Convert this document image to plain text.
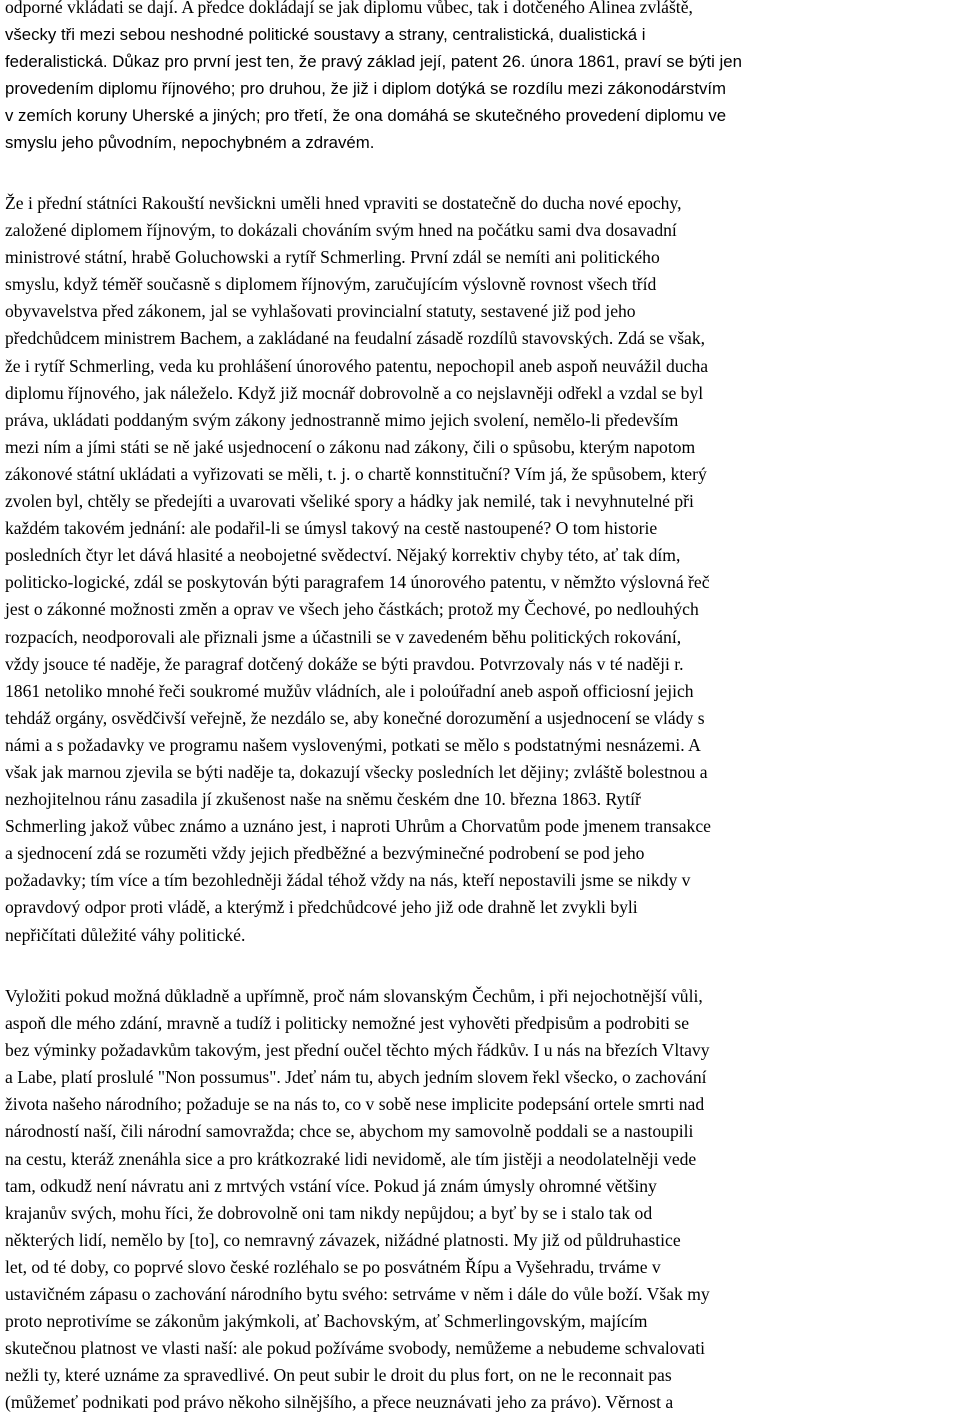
odporné vkládati se dají. A předce dokládají se jak diplomu vůbec, tak i dotčeného Alinea zvláště,
všecky tři mezi sebou neshodné politické soustavy a strany, centralistická, dualistická i
federalistická. Důkaz pro první jest ten, že pravý základ její, patent 26. února 1861, praví se býti jen
provedením diplomu říjnového; pro druhou, že již i diplom dotýká se rozdílu mezi zákonodárstvím
v zemích koruny Uherské a jiných; pro třetí, že ona domáhá se skutečného provedení diplomu ve
smyslu jeho původním, nepochybném a zdravém.
Že i přední státníci Rakouští nevšickni uměli hned vpraviti se dostatečně do ducha nové epochy,
založené diplomem říjnovým, to dokázali chováním svým hned na počátku sami dva dosavadní
ministrové státní, hrabě Goluchowski a rytíř Schmerling. První zdál se nemíti ani politického
smyslu, když téměř současně s diplomem říjnovým, zaručujícím výslovně rovnost všech tříd
obyvavelstva před zákonem, jal se vyhlašovati provincialní statuty, sestavené již pod jeho
předchůdcem ministrem Bachem, a zakládané na feudalní zásadě rozdílů stavovských. Zdá se však,
že i rytíř Schmerling, veda ku prohlášení únorového patentu, nepochopil aneb aspoň neuvážil ducha
diplomu říjnového, jak náleželo. Když již mocnář dobrovolně a co nejslavněji odřekl a vzdal se byl
práva, ukládati poddaným svým zákony jednostranně mimo jejich svolení, nemělo-li především
mezi ním a jími státi se ně jaké usjednocení o zákonu nad zákony, čili o spůsobu, kterým napotom
zákonové státní ukládati a vyřizovati se měli, t. j. o chartě konnstituční? Vím já, že spůsobem, který
zvolen byl, chtěly se předejíti a uvarovati všeliké spory a hádky jak nemilé, tak i nevyhnutelné při
každém takovém jednání: ale podařil-li se úmysl takový na cestě nastoupené? O tom historie
posledních čtyr let dává hlasité a neobojetné svědectví. Nějaký korrektiv chyby této, ať tak dím,
politicko-logické, zdál se poskytován býti paragrafem 14 únorového patentu, v němžto výslovná řeč
jest o zákonné možnosti změn a oprav ve všech jeho částkách; protož my Čechové, po nedlouhých
rozpacích, neodporovali ale přiznali jsme a účastnili se v zavedeném běhu politických rokování,
vždy jsouce té naděje, že paragraf dotčený dokáže se býti pravdou. Potvrzovaly nás v té naději r.
1861 netoliko mnohé řeči soukromé mužův vládních, ale i poloúřadní aneb aspoň officiosní jejich
tehdáž orgány, osvědčivší veřejně, že nezdálo se, aby konečné dorozumění a usjednocení se vlády s
námi a s požadavky ve programu našem vyslovenými, potkati se mělo s podstatnými nesnázemi. A
však jak marnou zjevila se býti naděje ta, dokazují všecky posledních let dějiny; zvláště bolestnou a
nezhojitelnou ránu zasadila jí zkušenost naše na sněmu českém dne 10. března 1863. Rytíř
Schmerling jakož vůbec známo a uznáno jest, i naproti Uhrům a Chorvatům pode jmenem transakce
a sjednocení zdá se rozuměti vždy jejich předběžné a bezvýminečné podrobení se pod jeho
požadavky; tím více a tím bezohledněji žádal téhož vždy na nás, kteří nepostavili jsme se nikdy v
opravdový odpor proti vládě, a kterýmž i předchůdcové jeho již ode drahně let zvykli byli
nepřičítati důležité váhy politické.
Vyložiti pokud možná důkladně a upřímně, proč nám slovanským Čechům, i při nejochotnější vůli,
aspoň dle mého zdání, mravně a tudíž i politicky nemožné jest vyhověti předpisům a podrobiti se
bez výminky požadavkům takovým, jest přední oučel těchto mých řádkův. I u nás na březích Vltavy
a Labe, platí proslulé "Non possumus". Jdeť nám tu, abych jedním slovem řekl všecko, o zachování
života našeho národního; požaduje se na nás to, co v sobě nese implicite podepsání ortele smrti nad
národností naší, čili národní samovražda; chce se, abychom my samovolně poddali se a nastoupili
na cestu, kteráž znenáhla sice a pro krátkozraké lidi nevidomě, ale tím jistěji a neodolatelněji vede
tam, odkudž není návratu ani z mrtvých vstání více. Pokud já znám úmysly ohromné většiny
krajanův svých, mohu říci, že dobrovolně oni tam nikdy nepůjdou; a byť by se i stalo tak od
některých lidí, nemělo by [to], co nemravný závazek, nižádné platnosti. My již od půldruhastice
let, od té doby, co poprvé slovo české rozléhalo se po posvátném Řípu a Vyšehradu, trváme v
ustavičném zápasu o zachování národního bytu svého: setrváme v něm i dále do vůle boží. Však my
proto neprotivíme se zákonům jakýmkoli, ať Bachovským, ať Schmerlingovským, majícím
skutečnou platnost ve vlasti naší: ale pokud požíváme svobody, nemůžeme a nebudeme schvalovati
nežli ty, které uznáme za spravedlivé. On peut subir le droit du plus fort, on ne le reconnait pas
(můžemeť podnikati pod právo někoho silnějšího, a přece neuznávati jeho za právo). Věrnost a
